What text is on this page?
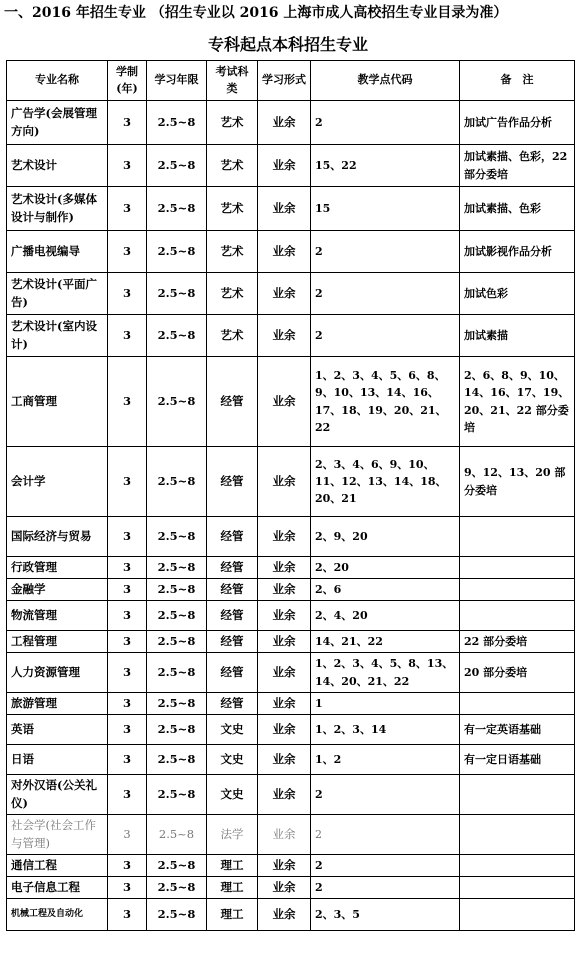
一、2016 年招生专业 （招生专业以 2016 上海市成人高校招生专业目录为准）
专科起点本科招生专业
专业名称	学制(年)	学习年限	考试科类	学习形式	教学点代码	备　注
广告学(会展管理方向)	3	2.5~8	艺术	业余	2	加试广告作品分析
艺术设计	3	2.5~8	艺术	业余	15、22	加试素描、色彩，22 部分委培
艺术设计(多媒体设计与制作)	3	2.5~8	艺术	业余	15	加试素描、色彩
广播电视编导	3	2.5~8	艺术	业余	2	加试影视作品分析
艺术设计(平面广告)	3	2.5~8	艺术	业余	2	加试色彩
艺术设计(室内设计)	3	2.5~8	艺术	业余	2	加试素描
工商管理	3	2.5~8	经管	业余	1、2、3、4、5、6、8、9、10、13、14、16、17、18、19、20、21、22	2、6、8、9、10、14、16、17、19、20、21、22 部分委培
会计学	3	2.5~8	经管	业余	2、3、4、6、9、10、11、12、13、14、18、20、21	9、12、13、20 部分委培
国际经济与贸易	3	2.5~8	经管	业余	2、9、20	
行政管理	3	2.5~8	经管	业余	2、20	
金融学	3	2.5~8	经管	业余	2、6	
物流管理	3	2.5~8	经管	业余	2、4、20	
工程管理	3	2.5~8	经管	业余	14、21、22	22 部分委培
人力资源管理	3	2.5~8	经管	业余	1、2、3、4、5、8、13、14、20、21、22	20 部分委培
旅游管理	3	2.5~8	经管	业余	1	
英语	3	2.5~8	文史	业余	1、2、3、14	有一定英语基础
日语	3	2.5~8	文史	业余	1、2	有一定日语基础
对外汉语(公关礼仪)	3	2.5~8	文史	业余	2	
社会学(社会工作与管理)	3	2.5~8	法学	业余	2	
通信工程	3	2.5~8	理工	业余	2	
电子信息工程	3	2.5~8	理工	业余	2	
机械工程及自动化	3	2.5~8	理工	业余	2、3、5	
